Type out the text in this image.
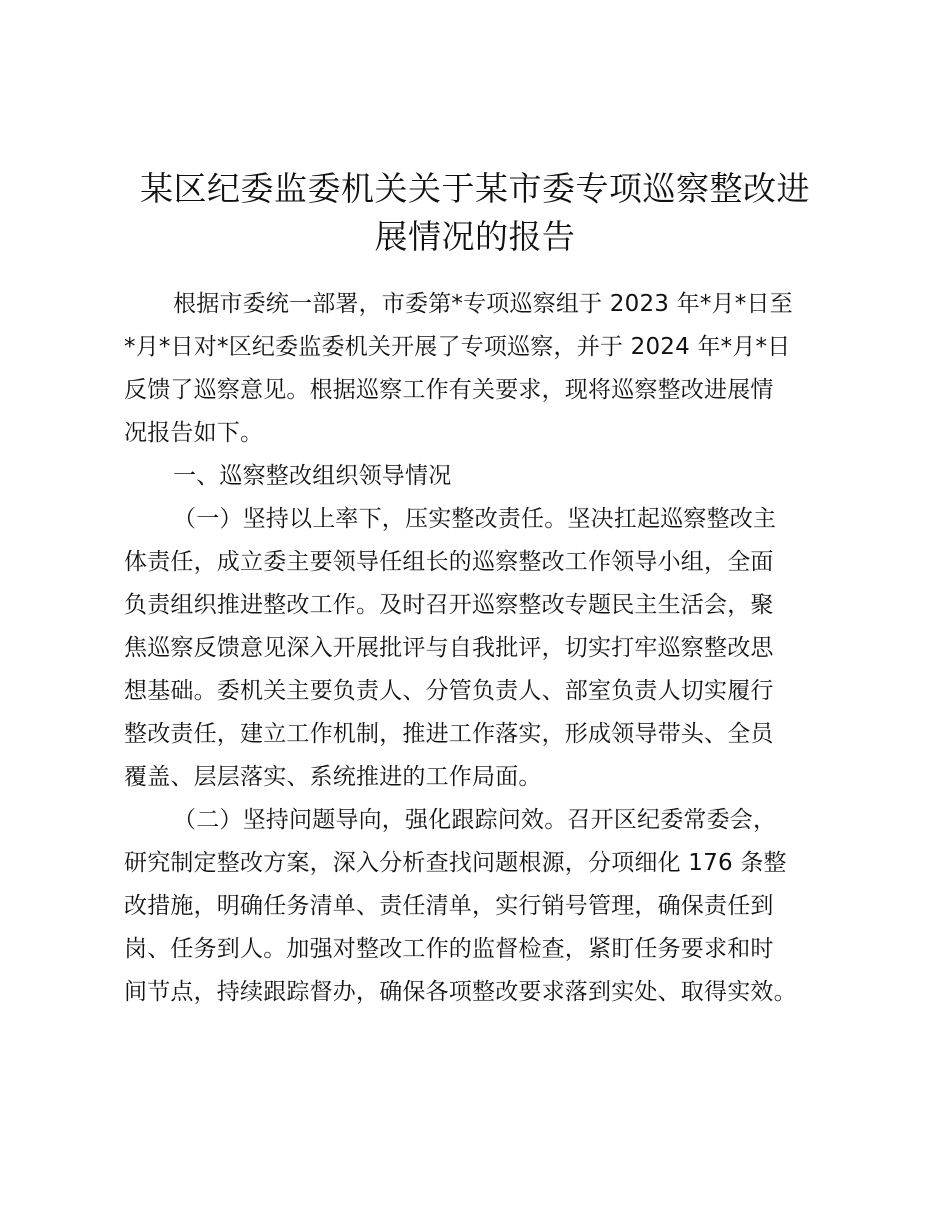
某区纪委监委机关关于某市委专项巡察整改进
展情况的报告
根据市委统一部署，市委第*专项巡察组于 2023 年*月*日至
*月*日对*区纪委监委机关开展了专项巡察，并于 2024 年*月*日
反馈了巡察意见。根据巡察工作有关要求，现将巡察整改进展情
况报告如下。
一、巡察整改组织领导情况
（一）坚持以上率下，压实整改责任。坚决扛起巡察整改主
体责任，成立委主要领导任组长的巡察整改工作领导小组，全面
负责组织推进整改工作。及时召开巡察整改专题民主生活会，聚
焦巡察反馈意见深入开展批评与自我批评，切实打牢巡察整改思
想基础。委机关主要负责人、分管负责人、部室负责人切实履行
整改责任，建立工作机制，推进工作落实，形成领导带头、全员
覆盖、层层落实、系统推进的工作局面。
（二）坚持问题导向，强化跟踪问效。召开区纪委常委会，
研究制定整改方案，深入分析查找问题根源，分项细化 176 条整
改措施，明确任务清单、责任清单，实行销号管理，确保责任到
岗、任务到人。加强对整改工作的监督检查，紧盯任务要求和时
间节点，持续跟踪督办，确保各项整改要求落到实处、取得实效。
